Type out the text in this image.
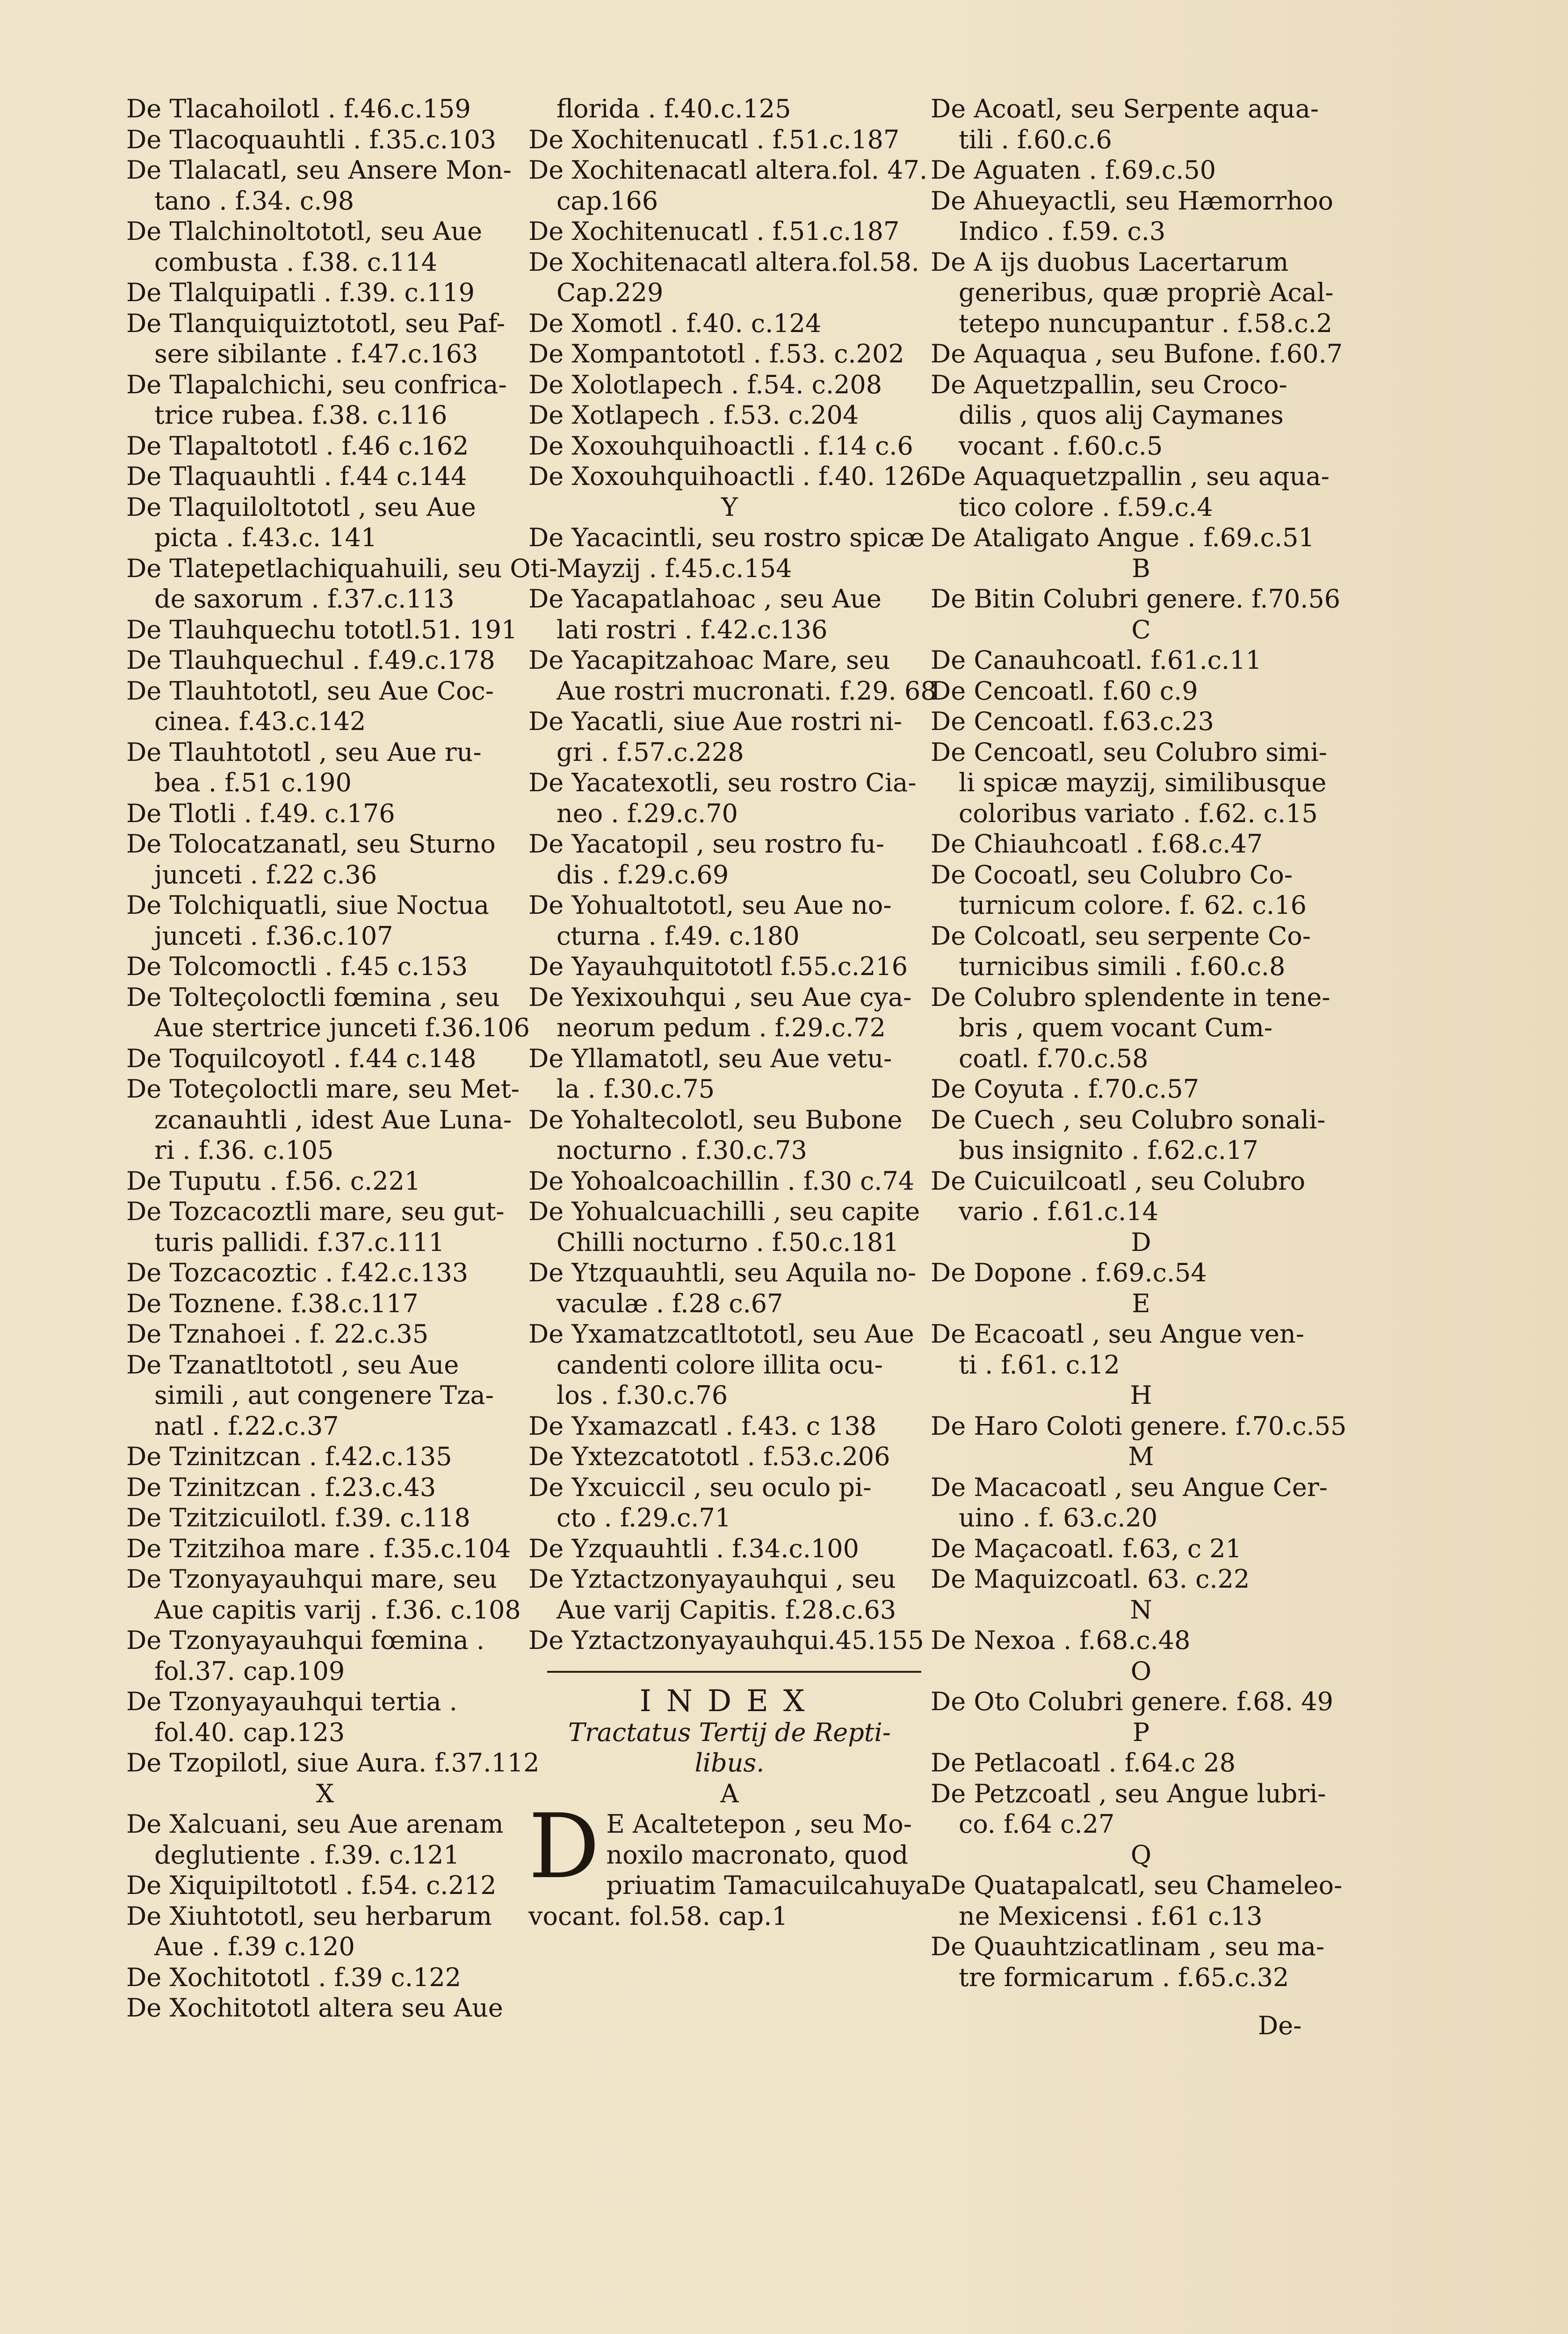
De Tlacahoilotl . f.46.c.159
De Tlacoquauhtli . f.35.c.103
De Tlalacatl, seu Ansere Mon-
tano . f.34. c.98
De Tlalchinoltototl, seu Aue
combusta . f.38. c.114
De Tlalquipatli . f.39. c.119
De Tlanquiquiztototl, seu Paf-
sere sibilante . f.47.c.163
De Tlapalchichi, seu confrica-
trice rubea. f.38. c.116
De Tlapaltototl . f.46 c.162
De Tlaquauhtli . f.44 c.144
De Tlaquiloltototl , seu Aue
picta . f.43.c. 141
De Tlatepetlachiquahuili, seu Oti-
de saxorum . f.37.c.113
De Tlauhquechu tototl.51. 191
De Tlauhquechul . f.49.c.178
De Tlauhtototl, seu Aue Coc-
cinea. f.43.c.142
De Tlauhtototl , seu Aue ru-
bea . f.51 c.190
De Tlotli . f.49. c.176
De Tolocatzanatl, seu Sturno
junceti . f.22 c.36
De Tolchiquatli, siue Noctua
junceti . f.36.c.107
De Tolcomoctli . f.45 c.153
De Tolteçoloctli fœmina , seu
Aue stertrice junceti f.36.106
De Toquilcoyotl . f.44 c.148
De Toteçoloctli mare, seu Met-
zcanauhtli , idest Aue Luna-
ri . f.36. c.105
De Tuputu . f.56. c.221
De Tozcacoztli mare, seu gut-
turis pallidi. f.37.c.111
De Tozcacoztic . f.42.c.133
De Toznene. f.38.c.117
De Tznahoei . f. 22.c.35
De Tzanatltototl , seu Aue
simili , aut congenere Tza-
natl . f.22.c.37
De Tzinitzcan . f.42.c.135
De Tzinitzcan . f.23.c.43
De Tzitzicuilotl. f.39. c.118
De Tzitzihoa mare . f.35.c.104
De Tzonyayauhqui mare, seu
Aue capitis varij . f.36. c.108
De Tzonyayauhqui fœmina .
fol.37. cap.109
De Tzonyayauhqui tertia .
fol.40. cap.123
De Tzopilotl, siue Aura. f.37.112
X
De Xalcuani, seu Aue arenam
deglutiente . f.39. c.121
De Xiquipiltototl . f.54. c.212
De Xiuhtototl, seu herbarum
Aue . f.39 c.120
De Xochitototl . f.39 c.122
De Xochitototl altera seu Aue
florida . f.40.c.125
De Xochitenucatl . f.51.c.187
De Xochitenacatl altera.fol. 47.
cap.166
De Xochitenucatl . f.51.c.187
De Xochitenacatl altera.fol.58.
Cap.229
De Xomotl . f.40. c.124
De Xompantototl . f.53. c.202
De Xolotlapech . f.54. c.208
De Xotlapech . f.53. c.204
De Xoxouhquihoactli . f.14 c.6
De Xoxouhquihoactli . f.40. 126
Y
De Yacacintli, seu rostro spicæ
Mayzij . f.45.c.154
De Yacapatlahoac , seu Aue
lati rostri . f.42.c.136
De Yacapitzahoac Mare, seu
Aue rostri mucronati. f.29. 68
De Yacatli, siue Aue rostri ni-
gri . f.57.c.228
De Yacatexotli, seu rostro Cia-
neo . f.29.c.70
De Yacatopil , seu rostro fu-
dis . f.29.c.69
De Yohualtototl, seu Aue no-
cturna . f.49. c.180
De Yayauhquitototl f.55.c.216
De Yexixouhqui , seu Aue cya-
neorum pedum . f.29.c.72
De Yllamatotl, seu Aue vetu-
la . f.30.c.75
De Yohaltecolotl, seu Bubone
nocturno . f.30.c.73
De Yohoalcoachillin . f.30 c.74
De Yohualcuachilli , seu capite
Chilli nocturno . f.50.c.181
De Ytzquauhtli, seu Aquila no-
vaculæ . f.28 c.67
De Yxamatzcatltototl, seu Aue
candenti colore illita ocu-
los . f.30.c.76
De Yxamazcatl . f.43. c 138
De Yxtezcatototl . f.53.c.206
De Yxcuiccil , seu oculo pi-
cto . f.29.c.71
De Yzquauhtli . f.34.c.100
De Yztactzonyayauhqui , seu
Aue varij Capitis. f.28.c.63
De Yztactzonyayauhqui.45.155
INDEX
Tractatus Tertij de Repti-
libus.
A
D E Acaltetepon , seu Mo-
noxilo macronato, quod
priuatim Tamacuilcahuya
vocant. fol.58. cap.1
De Acoatl, seu Serpente aqua-
tili . f.60.c.6
De Aguaten . f.69.c.50
De Ahueyactli, seu Hæmorrhoo
Indico . f.59. c.3
De A ijs duobus Lacertarum
generibus, quæ propriè Acal-
tetepo nuncupantur . f.58.c.2
De Aquaqua , seu Bufone. f.60.7
De Aquetzpallin, seu Croco-
dilis , quos alij Caymanes
vocant . f.60.c.5
De Aquaquetzpallin , seu aqua-
tico colore . f.59.c.4
De Ataligato Angue . f.69.c.51
B
De Bitin Colubri genere. f.70.56
C
De Canauhcoatl. f.61.c.11
De Cencoatl. f.60 c.9
De Cencoatl. f.63.c.23
De Cencoatl, seu Colubro simi-
li spicæ mayzij, similibusque
coloribus variato . f.62. c.15
De Chiauhcoatl . f.68.c.47
De Cocoatl, seu Colubro Co-
turnicum colore. f. 62. c.16
De Colcoatl, seu serpente Co-
turnicibus simili . f.60.c.8
De Colubro splendente in tene-
bris , quem vocant Cum-
coatl. f.70.c.58
De Coyuta . f.70.c.57
De Cuech , seu Colubro sonali-
bus insignito . f.62.c.17
De Cuicuilcoatl , seu Colubro
vario . f.61.c.14
D
De Dopone . f.69.c.54
E
De Ecacoatl , seu Angue ven-
ti . f.61. c.12
H
De Haro Coloti genere. f.70.c.55
M
De Macacoatl , seu Angue Cer-
uino . f. 63.c.20
De Maçacoatl. f.63, c 21
De Maquizcoatl. 63. c.22
N
De Nexoa . f.68.c.48
O
De Oto Colubri genere. f.68. 49
P
De Petlacoatl . f.64.c 28
De Petzcoatl , seu Angue lubri-
co. f.64 c.27
Q
De Quatapalcatl, seu Chameleo-
ne Mexicensi . f.61 c.13
De Quauhtzicatlinam , seu ma-
tre formicarum . f.65.c.32
De-
